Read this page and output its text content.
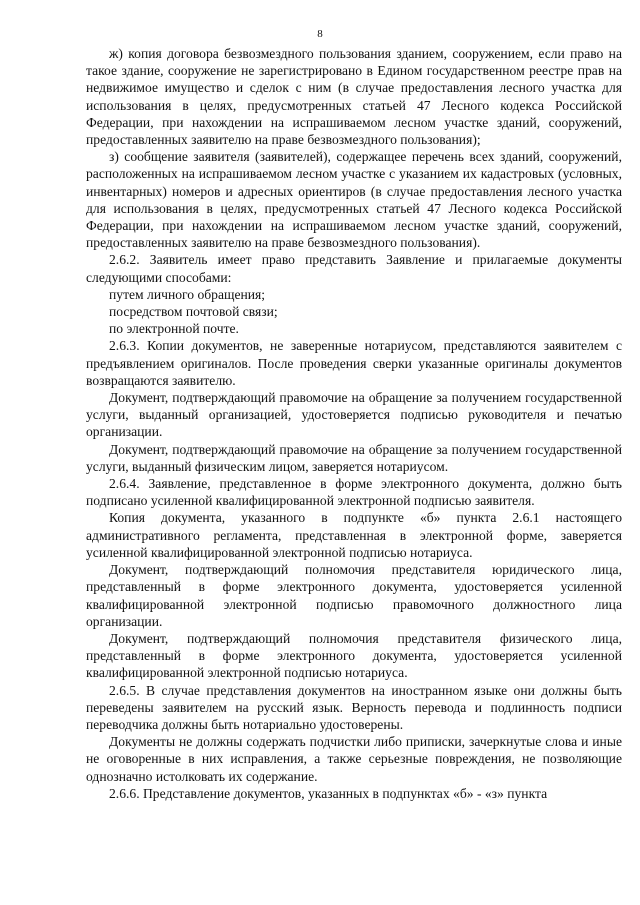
8

ж) копия договора безвозмездного пользования зданием, сооружением, если право на такое здание, сооружение не зарегистрировано в Едином государственном реестре прав на недвижимое имущество и сделок с ним (в случае предоставления лесного участка для использования в целях, предусмотренных статьей 47 Лесного кодекса Российской Федерации, при нахождении на испрашиваемом лесном участке зданий, сооружений, предоставленных заявителю на праве безвозмездного пользования);

з) сообщение заявителя (заявителей), содержащее перечень всех зданий, сооружений, расположенных на испрашиваемом лесном участке с указанием их кадастровых (условных, инвентарных) номеров и адресных ориентиров (в случае предоставления лесного участка для использования в целях, предусмотренных статьей 47 Лесного кодекса Российской Федерации, при нахождении на испрашиваемом лесном участке зданий, сооружений, предоставленных заявителю на праве безвозмездного пользования).

2.6.2. Заявитель имеет право представить Заявление и прилагаемые документы следующими способами:

путем личного обращения;

посредством почтовой связи;

по электронной почте.

2.6.3. Копии документов, не заверенные нотариусом, представляются заявителем с предъявлением оригиналов. После проведения сверки указанные оригиналы документов возвращаются заявителю.

Документ, подтверждающий правомочие на обращение за получением государственной услуги, выданный организацией, удостоверяется подписью руководителя и печатью организации.

Документ, подтверждающий правомочие на обращение за получением государственной услуги, выданный физическим лицом, заверяется нотариусом.

2.6.4. Заявление, представленное в форме электронного документа, должно быть подписано усиленной квалифицированной электронной подписью заявителя.

Копия документа, указанного в подпункте «б» пункта 2.6.1 настоящего административного регламента, представленная в электронной форме, заверяется усиленной квалифицированной электронной подписью нотариуса.

Документ, подтверждающий полномочия представителя юридического лица, представленный в форме электронного документа, удостоверяется усиленной квалифицированной электронной подписью правомочного должностного лица организации.

Документ, подтверждающий полномочия представителя физического лица, представленный в форме электронного документа, удостоверяется усиленной квалифицированной электронной подписью нотариуса.

2.6.5. В случае представления документов на иностранном языке они должны быть переведены заявителем на русский язык. Верность перевода и подлинность подписи переводчика должны быть нотариально удостоверены.

Документы не должны содержать подчистки либо приписки, зачеркнутые слова и иные не оговоренные в них исправления, а также серьезные повреждения, не позволяющие однозначно истолковать их содержание.

2.6.6. Представление документов, указанных в подпунктах «б» - «з» пункта
